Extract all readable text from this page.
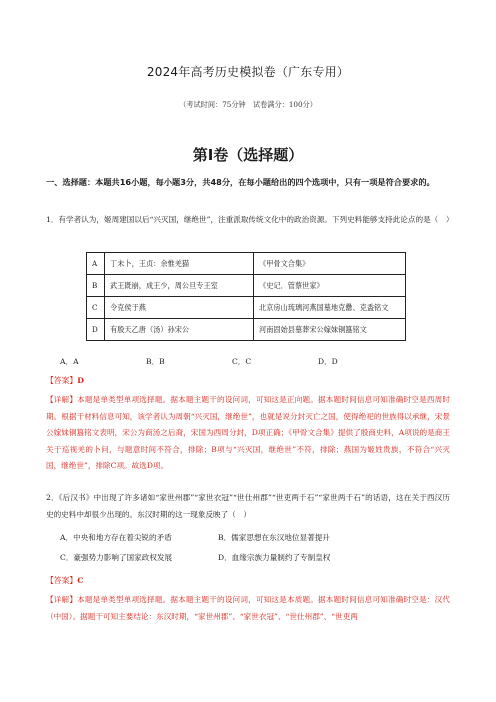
2024年高考历史模拟卷（广东专用）
（考试时间：75分钟　试卷满分：100分）
第Ⅰ卷（选择题）
一、选择题：本题共16小题，每小题3分，共48分，在每小题给出的四个选项中，只有一项是符合要求的。
1．有学者认为，姬周建国以后“兴灭国，继绝世”，注重派取传统文化中的政治资源。下列史料能够支持此论点的是（　）
A	丁未卜，王贞：余惟羌猫	《甲骨文合集》
B	武王既崩，成王少，周公旦专王室	《史记．管蔡世家》
C	令克侯于燕	北京房山琉璃河燕国墓地克罍、克盉铭文
D	有殷天乙唐（汤）孙宋公	河南固始县墓葬宋公嫁妹铜簋铭文
A．A	B．B	C．C	D．D
【答案】D
【详解】本题是单类型单项选择题。据本题主题干的设问词，可知这是正向题。据本题时间信息可知准确时空是西周时期。根据干材料信息可知，该学者认为周朝“兴灭国，继绝世”，也就是说分封灭亡之国，使得绝祀的世族得以承继，宋景公嫁妹铜簋铭文表明，宋公为商汤之后裔，宋国为西周分封，D项正确；《甲骨文合集》提供了殷商史料，A项说的是商王关于巡视羌的卜问，与题意时间不符合，排除；B项与“兴灭国，继绝世”不符，排除；燕国为姬姓贵族，不符合“兴灭国，继绝世”，排除C项。故选D项。
2．《后汉书》中出现了许多诸如“家世州郡”“家世衣冠”“世仕州郡”“世吏两千石”“家世两千石”的话语，这在关于西汉历史的史料中却很少出现的。东汉时期的这一现象反映了（　）
A．中央和地方存在着尖锐的矛盾	B．儒家思想在东汉地位显著提升
C．豪强势力影响了国家政权发展	D．血缘宗族力量制约了专制皇权
【答案】C
【详解】本题是单类型单项选择题。据本题主题干的设问词，可知这是本质题。据本题时间信息可知准确时空是：汉代（中国）。据题干可知主要结论：东汉时期，“家世州郡”、“家世衣冠”、“世仕州郡”、“世吏两
